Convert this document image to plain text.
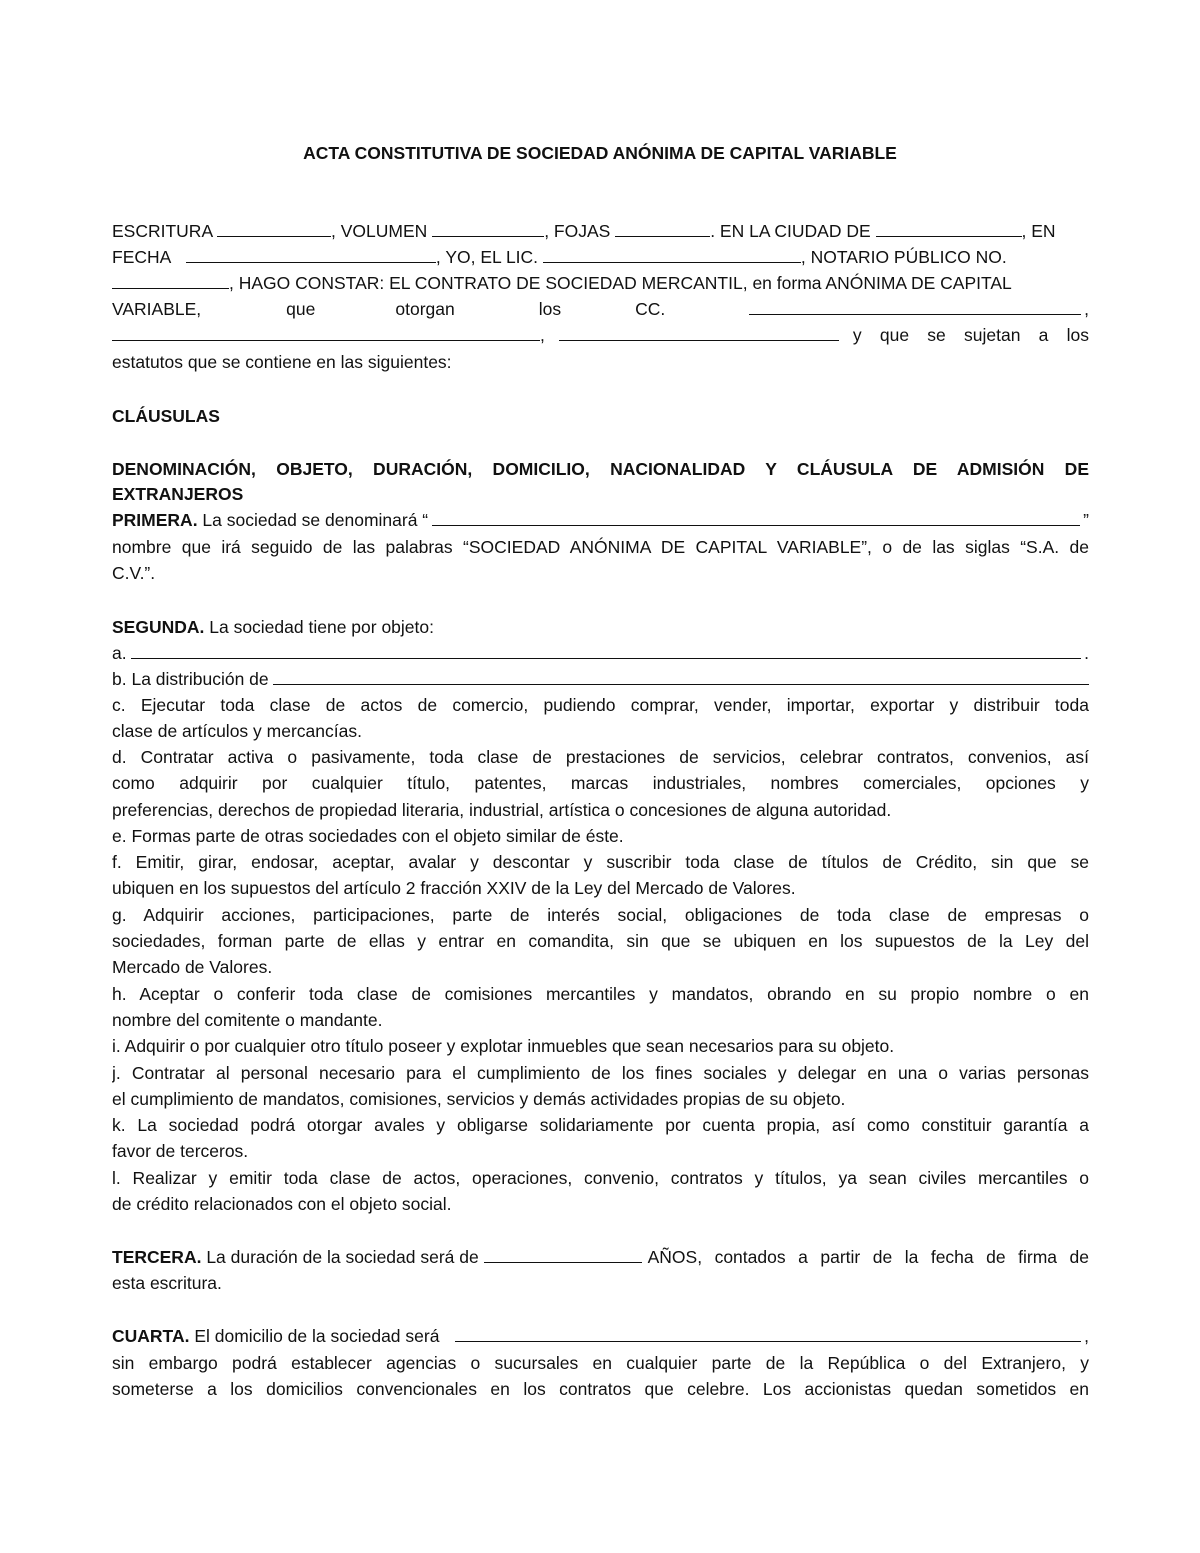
ACTA CONSTITUTIVA DE SOCIEDAD ANÓNIMA DE CAPITAL VARIABLE

ESCRITURA	, VOLUMEN	, FOJAS	. EN LA CIUDAD DE	, EN

FECHA	, YO, EL LIC.	, NOTARIO PÚBLICO NO.

, HAGO CONSTAR: EL CONTRATO DE SOCIEDAD MERCANTIL, en forma ANÓNIMA DE CAPITAL

VARIABLE,	que	otorgan	los	CC.	,

,	y que se sujetan a los

estatutos que se contiene en las siguientes:

CLÁUSULAS

DENOMINACIÓN, OBJETO, DURACIÓN, DOMICILIO, NACIONALIDAD Y CLÁUSULA DE ADMISIÓN DE

EXTRANJEROS

PRIMERA. La sociedad se denominará “	”

nombre que irá seguido de las palabras “SOCIEDAD ANÓNIMA DE CAPITAL VARIABLE”, o de las siglas “S.A. de

C.V.”.

SEGUNDA. La sociedad tiene por objeto:

a.	.

b. La distribución de

c. Ejecutar toda clase de actos de comercio, pudiendo comprar, vender, importar, exportar y distribuir toda

clase de artículos y mercancías.

d. Contratar activa o pasivamente, toda clase de prestaciones de servicios, celebrar contratos, convenios, así

como adquirir por cualquier título, patentes, marcas industriales, nombres comerciales, opciones y

preferencias, derechos de propiedad literaria, industrial, artística o concesiones de alguna autoridad.

e. Formas parte de otras sociedades con el objeto similar de éste.

f. Emitir, girar, endosar, aceptar, avalar y descontar y suscribir toda clase de títulos de Crédito, sin que se

ubiquen en los supuestos del artículo 2 fracción XXIV de la Ley del Mercado de Valores.

g. Adquirir acciones, participaciones, parte de interés social, obligaciones de toda clase de empresas o

sociedades, forman parte de ellas y entrar en comandita, sin que se ubiquen en los supuestos de la Ley del

Mercado de Valores.

h. Aceptar o conferir toda clase de comisiones mercantiles y mandatos, obrando en su propio nombre o en

nombre del comitente o mandante.

i. Adquirir o por cualquier otro título poseer y explotar inmuebles que sean necesarios para su objeto.

j. Contratar al personal necesario para el cumplimiento de los fines sociales y delegar en una o varias personas

el cumplimiento de mandatos, comisiones, servicios y demás actividades propias de su objeto.

k. La sociedad podrá otorgar avales y obligarse solidariamente por cuenta propia, así como constituir garantía a

favor de terceros.

l. Realizar y emitir toda clase de actos, operaciones, convenio, contratos y títulos, ya sean civiles mercantiles o

de crédito relacionados con el objeto social.

TERCERA. La duración de la sociedad será de
	AÑOS, contados a partir de la fecha de firma de

esta escritura.

CUARTA. El domicilio de la sociedad será	,

sin embargo podrá establecer agencias o sucursales en cualquier parte de la República o del Extranjero, y

someterse a los domicilios convencionales en los contratos que celebre. Los accionistas quedan sometidos en
